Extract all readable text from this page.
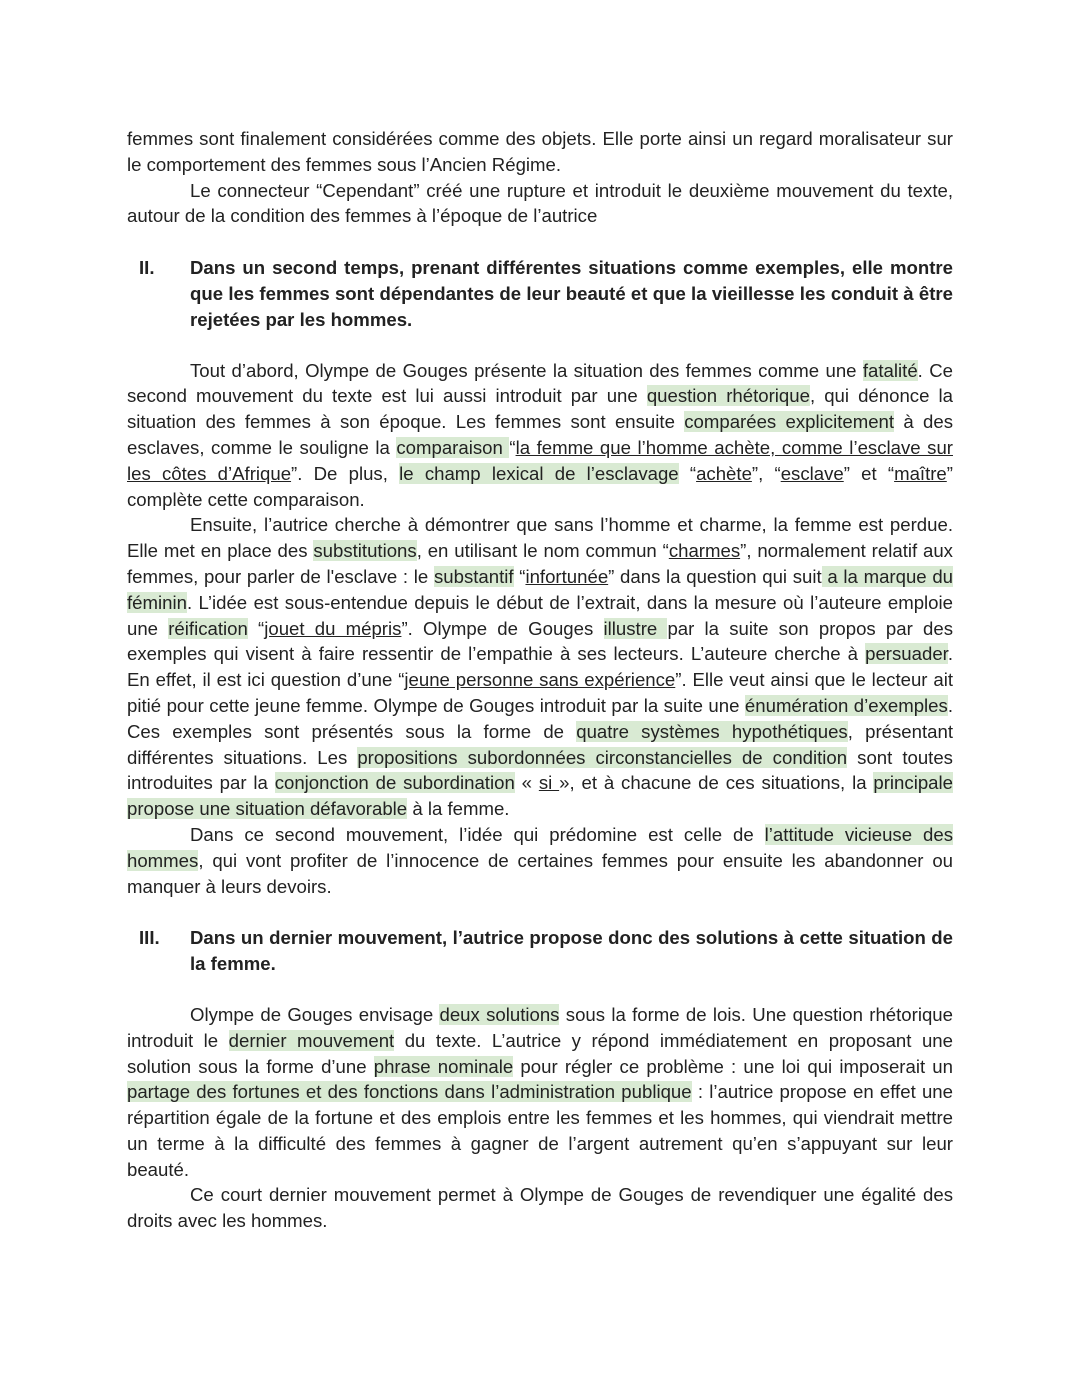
femmes sont finalement considérées comme des objets. Elle porte ainsi un regard moralisateur sur le comportement des femmes sous l’Ancien Régime.

Le connecteur “Cependant” créé une rupture et introduit le deuxième mouvement du texte, autour de la condition des femmes à l’époque de l’autrice

II.	Dans un second temps, prenant différentes situations comme exemples, elle montre que les femmes sont dépendantes de leur beauté et que la vieillesse les conduit à être rejetées par les hommes.

Tout d’abord, Olympe de Gouges présente la situation des femmes comme une fatalité. Ce second mouvement du texte est lui aussi introduit par une question rhétorique, qui dénonce la situation des femmes à son époque. Les femmes sont ensuite comparées explicitement à des esclaves, comme le souligne la comparaison “la femme que l’homme achète, comme l’esclave sur les côtes d’Afrique”. De plus, le champ lexical de l’esclavage “achète”, “esclave” et “maître” complète cette comparaison.

Ensuite, l’autrice cherche à démontrer que sans l’homme et charme, la femme est perdue. Elle met en place des substitutions, en utilisant le nom commun “charmes”, normalement relatif aux femmes, pour parler de l'esclave : le substantif “infortunée” dans la question qui suit a la marque du féminin. L’idée est sous-entendue depuis le début de l’extrait, dans la mesure où l’auteure emploie une réification “jouet du mépris”. Olympe de Gouges illustre par la suite son propos par des exemples qui visent à faire ressentir de l’empathie à ses lecteurs. L’auteure cherche à persuader. En effet, il est ici question d’une “jeune personne sans expérience”. Elle veut ainsi que le lecteur ait pitié pour cette jeune femme. Olympe de Gouges introduit par la suite une énumération d’exemples. Ces exemples sont présentés sous la forme de quatre systèmes hypothétiques, présentant différentes situations. Les propositions subordonnées circonstancielles de condition sont toutes introduites par la conjonction de subordination « si », et à chacune de ces situations, la principale propose une situation défavorable à la femme.

Dans ce second mouvement, l’idée qui prédomine est celle de l’attitude vicieuse des hommes, qui vont profiter de l’innocence de certaines femmes pour ensuite les abandonner ou manquer à leurs devoirs.

III.	Dans un dernier mouvement, l’autrice propose donc des solutions à cette situation de la femme.

Olympe de Gouges envisage deux solutions sous la forme de lois. Une question rhétorique introduit le dernier mouvement du texte. L’autrice y répond immédiatement en proposant une solution sous la forme d’une phrase nominale pour régler ce problème : une loi qui imposerait un partage des fortunes et des fonctions dans l’administration publique : l’autrice propose en effet une répartition égale de la fortune et des emplois entre les femmes et les hommes, qui viendrait mettre un terme à la difficulté des femmes à gagner de l’argent autrement qu’en s’appuyant sur leur beauté.

Ce court dernier mouvement permet à Olympe de Gouges de revendiquer une égalité des droits avec les hommes.
